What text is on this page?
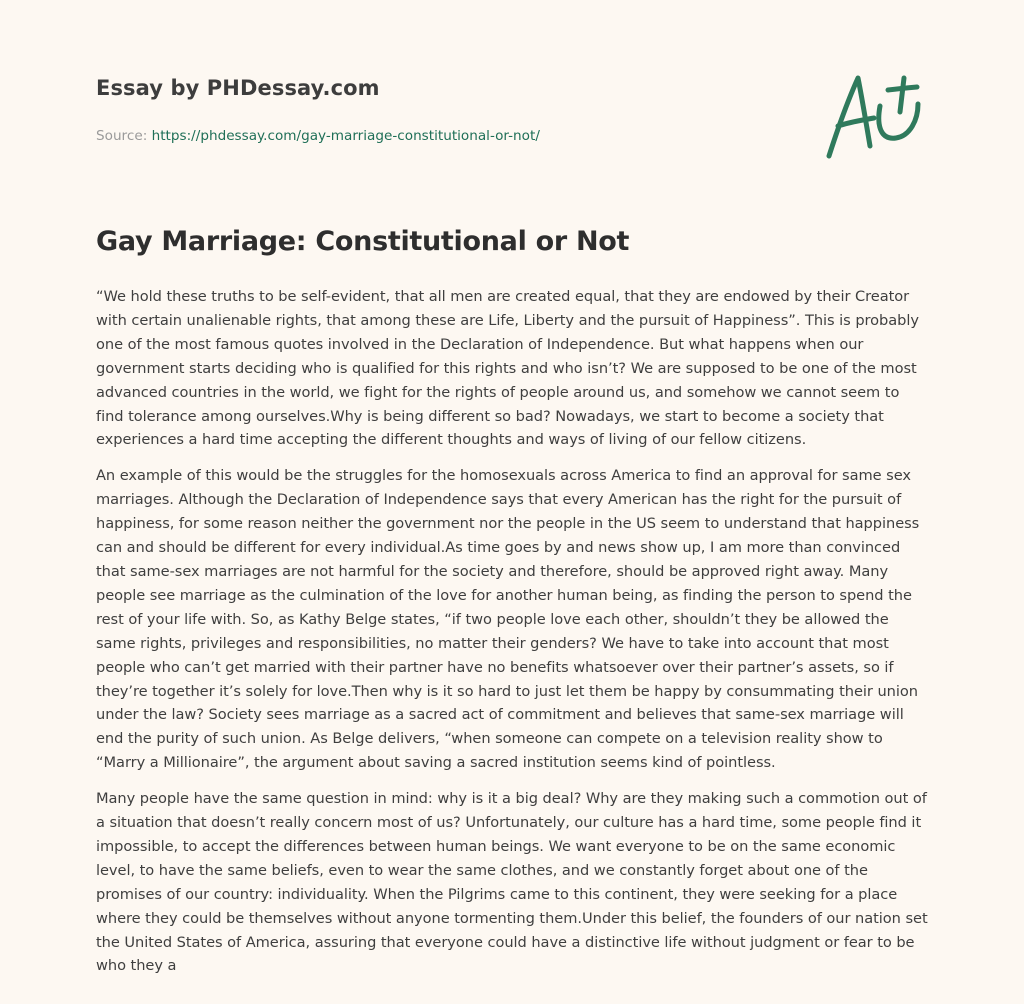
Essay by PHDessay.com
Source: https://phdessay.com/gay-marriage-constitutional-or-not/
Gay Marriage: Constitutional or Not

“We hold these truths to be self-evident, that all men are created equal, that they are endowed by their Creator with certain unalienable rights, that among these are Life, Liberty and the pursuit of Happiness”. This is probably one of the most famous quotes involved in the Declaration of Independence. But what happens when our government starts deciding who is qualified for this rights and who isn’t? We are supposed to be one of the most advanced countries in the world, we fight for the rights of people around us, and somehow we cannot seem to find tolerance among ourselves.Why is being different so bad? Nowadays, we start to become a society that experiences a hard time accepting the different thoughts and ways of living of our fellow citizens.

An example of this would be the struggles for the homosexuals across America to find an approval for same sex marriages. Although the Declaration of Independence says that every American has the right for the pursuit of happiness, for some reason neither the government nor the people in the US seem to understand that happiness can and should be different for every individual.As time goes by and news show up, I am more than convinced that same-sex marriages are not harmful for the society and therefore, should be approved right away. Many people see marriage as the culmination of the love for another human being, as finding the person to spend the rest of your life with. So, as Kathy Belge states, “if two people love each other, shouldn’t they be allowed the same rights, privileges and responsibilities, no matter their genders? We have to take into account that most people who can’t get married with their partner have no benefits whatsoever over their partner’s assets, so if they’re together it’s solely for love.Then why is it so hard to just let them be happy by consummating their union under the law? Society sees marriage as a sacred act of commitment and believes that same-sex marriage will end the purity of such union. As Belge delivers, “when someone can compete on a television reality show to “Marry a Millionaire”, the argument about saving a sacred institution seems kind of pointless.

Many people have the same question in mind: why is it a big deal? Why are they making such a commotion out of a situation that doesn’t really concern most of us? Unfortunately, our culture has a hard time, some people find it impossible, to accept the differences between human beings. We want everyone to be on the same economic level, to have the same beliefs, even to wear the same clothes, and we constantly forget about one of the promises of our country: individuality. When the Pilgrims came to this continent, they were seeking for a place where they could be themselves without anyone tormenting them.Under this belief, the founders of our nation set the United States of America, assuring that everyone could have a distinctive life without judgment or fear to be who they a
